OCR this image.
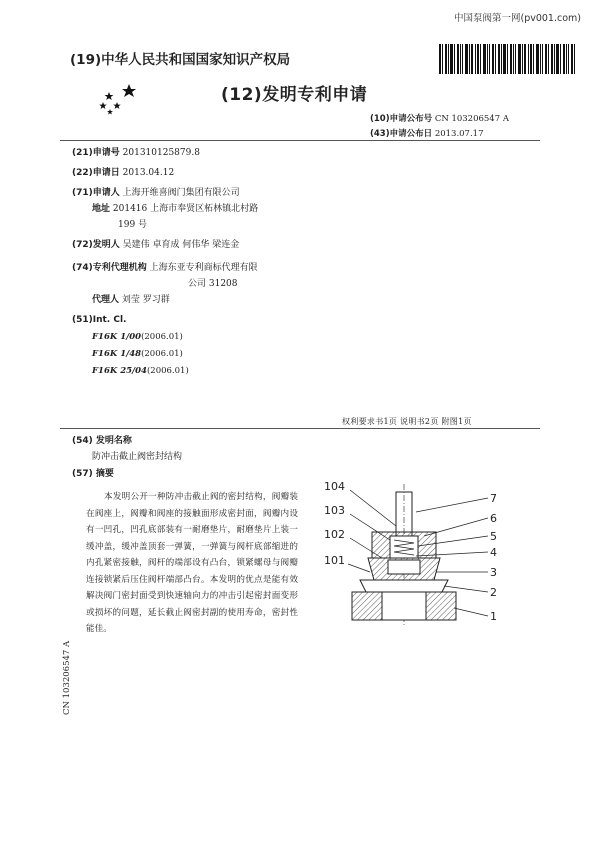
中国泵阀第一网(pv001.com)
(19)中华人民共和国国家知识产权局
(12)发明专利申请
(10)申请公布号 CN 103206547 A
(43)申请公布日 2013.07.17
(21)申请号 201310125879.8
(22)申请日 2013.04.12
(71)申请人 上海开维喜阀门集团有限公司
地址 201416 上海市奉贤区柘林镇北村路
199 号
(72)发明人 吴建伟 卓育成 何伟华 梁连金
(74)专利代理机构 上海东亚专利商标代理有限
公司 31208
代理人 刘莹 罗习群
(51)Int. Cl.
F16K 1/00(2006.01)
F16K 1/48(2006.01)
F16K 25/04(2006.01)
权利要求书1页 说明书2页 附图1页
(54) 发明名称
防冲击截止阀密封结构
(57) 摘要
本发明公开一种防冲击截止阀的密封结构，阀瓣装在阀座上，阀瓣和阀座的接触面形成密封面，阀瓣内设有一凹孔，凹孔底部装有一耐磨垫片，耐磨垫片上装一缓冲盖，缓冲盖顶套一弹簧，一弹簧与阀杆底部缩进的内孔紧密接触，阀杆的端部设有凸台，锁紧螺母与阀瓣连接锁紧后压住阀杆端部凸台。本发明的优点是能有效解决阀门密封面受到快速轴向力的冲击引起密封面变形或损坏的问题，延长截止阀密封副的使用寿命，密封性能佳。
CN 103206547 A
104
103
102
101
7
6
5
4
3
2
1
